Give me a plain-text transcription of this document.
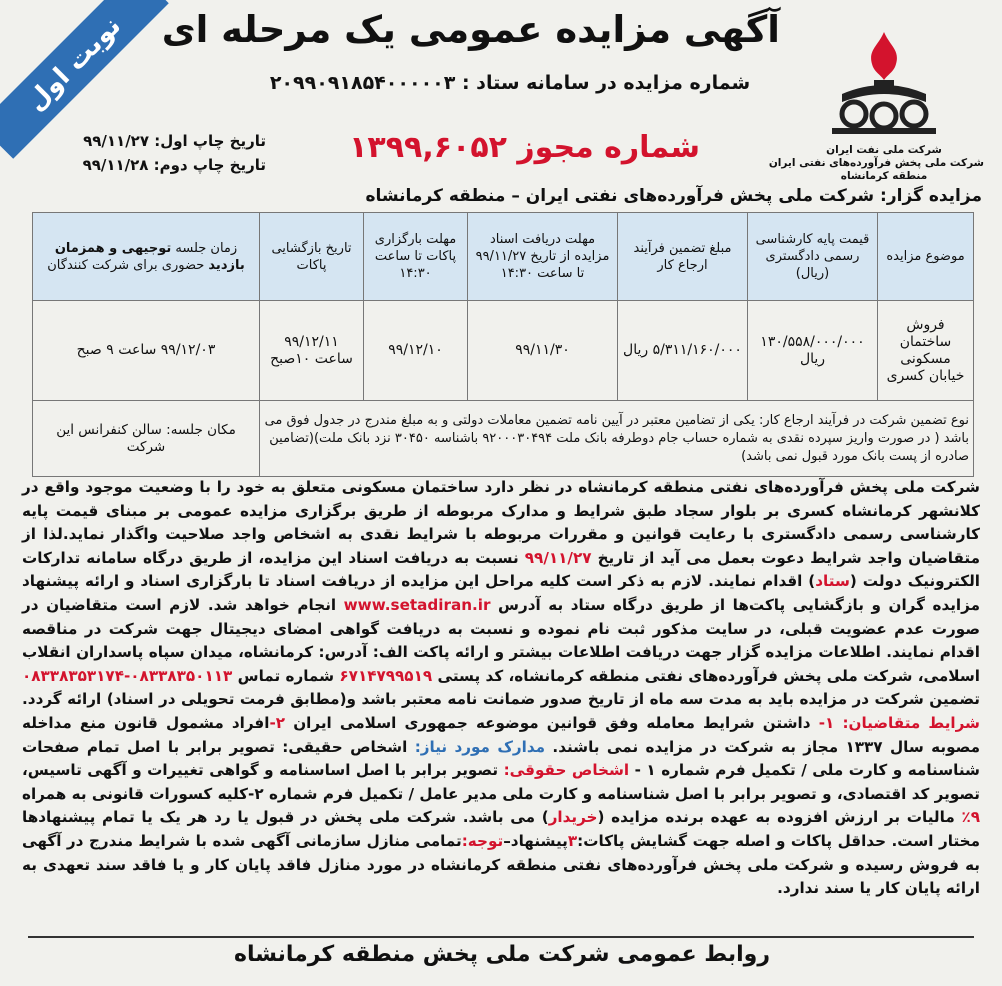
نوبت اول آگهی مزایده عمومی یک مرحله ای
شماره مزایده در سامانه ستاد : ۲۰۹۹۰۹۱۸۵۴۰۰۰۰۰۳
شماره مجوز ۱۳۹۹,۶۰۵۲
تاریخ چاپ اول: ۹۹/۱۱/۲۷
تاریخ چاپ دوم: ۹۹/۱۱/۲۸
شرکت ملی نفت ایران
شرکت ملی پخش فرآورده‌های نفتی ایران
منطقه کرمانشاه
مزایده گزار: شرکت ملی پخش فرآورده‌های نفتی ایران – منطقه کرمانشاه
موضوع مزایده	قیمت پایه کارشناسی رسمی دادگستری (ریال)	مبلغ تضمین فرآیند ارجاع کار	مهلت دریافت اسناد مزایده از تاریخ ۹۹/۱۱/۲۷ تا ساعت ۱۴:۳۰	مهلت بارگزاری پاکات تا ساعت ۱۴:۳۰	تاریخ بازگشایی پاکات	زمان جلسه توجیهی و همزمان بازدید حضوری برای شرکت کنندگان
فروش ساختمان مسکونی خیابان کسری	۱۳۰/۵۵۸/۰۰۰/۰۰۰ ریال	۵/۳۱۱/۱۶۰/۰۰۰ ریال	۹۹/۱۱/۳۰	۹۹/۱۲/۱۰	۹۹/۱۲/۱۱ ساعت ۱۰صبح	۹۹/۱۲/۰۳ ساعت ۹ صبح
نوع تضمین شرکت در فرآیند ارجاع کار: یکی از تضامین معتبر در آیین نامه تضمین معاملات دولتی و به مبلغ مندرج در جدول فوق می باشد ( در صورت واریز سپرده نقدی به شماره حساب جام دوطرفه بانک ملت ۹۲۰۰۰۳۰۴۹۴ باشناسه ۳۰۴۵۰ نزد بانک ملت)(تضامین صادره از پست بانک مورد قبول نمی باشد)						مکان جلسه: سالن کنفرانس این شرکت
شرکت ملی پخش فرآورده‌های نفتی منطقه کرمانشاه در نظر دارد ساختمان مسکونی متعلق به خود را با وضعیت موجود واقع در کلانشهر کرمانشاه کسری بر بلوار سجاد طبق شرایط و مدارک مربوطه از طریق برگزاری مزایده عمومی بر مبنای قیمت پایه کارشناسی رسمی دادگستری با رعایت قوانین و مقررات مربوطه با شرایط نقدی به اشخاص واجد صلاحیت واگذار نماید.لذا از متقاضیان واجد شرایط دعوت بعمل می آید از تاریخ ۹۹/۱۱/۲۷ نسبت به دریافت اسناد این مزایده، از طریق درگاه سامانه تدارکات الکترونیک دولت (ستاد) اقدام نمایند. لازم به ذکر است کلیه مراحل این مزایده از دریافت اسناد تا بارگزاری اسناد و ارائه پیشنهاد مزایده گران و بازگشایی پاکت‌ها از طریق درگاه ستاد به آدرس www.setadiran.ir انجام خواهد شد. لازم است متقاضیان در صورت عدم عضویت قبلی، در سایت مذکور ثبت نام نموده و نسبت به دریافت گواهی امضای دیجیتال جهت شرکت در مناقصه اقدام نمایند. اطلاعات مزایده گزار جهت دریافت اطلاعات بیشتر و ارائه پاکت الف: آدرس: کرمانشاه، میدان سپاه پاسداران انقلاب اسلامی، شرکت ملی پخش فرآورده‌های نفتی منطقه کرمانشاه، کد پستی ۶۷۱۴۷۹۹۵۱۹ شماره تماس ۰۸۳۳۸۳۵۰۱۱۳-۰۸۳۳۸۳۵۳۱۷۴ تضمین شرکت در مزایده باید به مدت سه ماه از تاریخ صدور ضمانت نامه معتبر باشد و(مطابق فرمت تحویلی در اسناد) ارائه گردد. شرایط متقاضیان: ۱- داشتن شرایط معامله وفق قوانین موضوعه جمهوری اسلامی ایران ۲-افراد مشمول قانون منع مداخله مصوبه سال ۱۳۳۷ مجاز به شرکت در مزایده نمی باشند. مدارک مورد نیاز: اشخاص حقیقی: تصویر برابر با اصل تمام صفحات شناسنامه و کارت ملی / تکمیل فرم شماره ۱ - اشخاص حقوقی: تصویر برابر با اصل اساسنامه و گواهی تغییرات و آگهی تاسیس، تصویر کد اقتصادی، و تصویر برابر با اصل شناسنامه و کارت ملی مدیر عامل / تکمیل فرم شماره ۲-کلیه کسورات قانونی به همراه ۹٪ مالیات بر ارزش افزوده به عهده برنده مزایده (خریدار) می باشد. شرکت ملی پخش در قبول یا رد هر یک یا تمام پیشنهادها مختار است. حداقل پاکات و اصله جهت گشایش پاکات:۳پیشنهاد–توجه:تمامی منازل سازمانی آگهی شده با شرایط مندرج در آگهی به فروش رسیده و شرکت ملی پخش فرآورده‌های نفتی منطقه کرمانشاه در مورد منازل فاقد پایان کار و یا فاقد سند تعهدی به ارائه پایان کار یا سند ندارد.
روابط عمومی شرکت ملی پخش منطقه کرمانشاه
